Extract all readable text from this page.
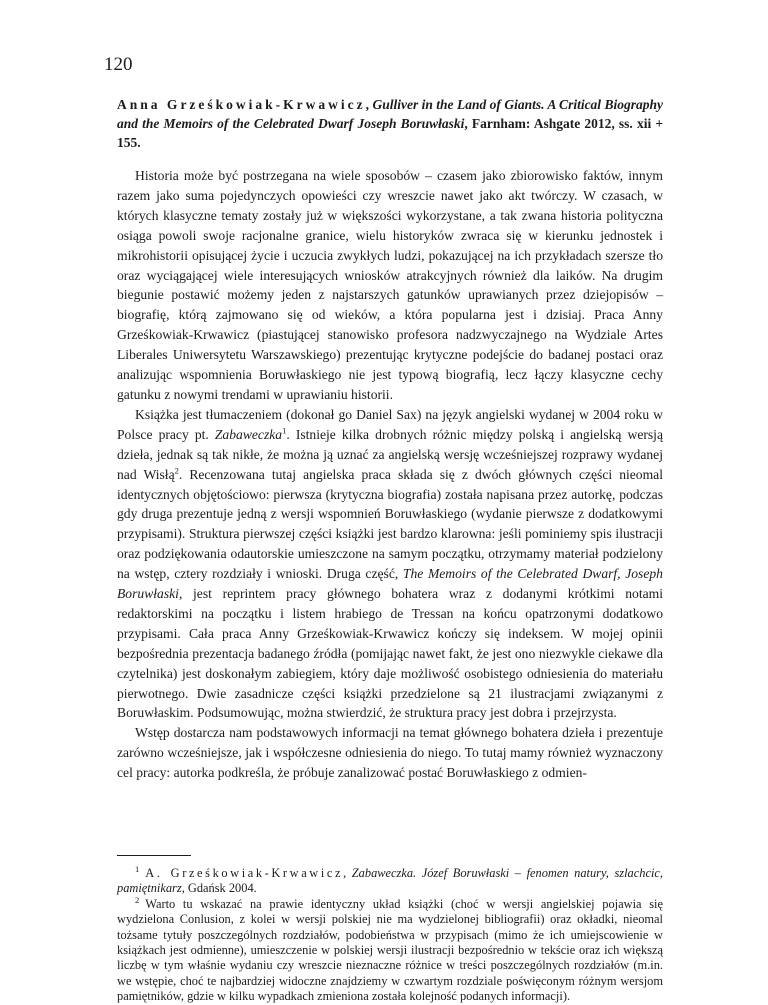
120
Anna Grześkowiak-Krwawicz, Gulliver in the Land of Giants. A Critical Biography and the Memoirs of the Celebrated Dwarf Joseph Boruwłaski, Farnham: Ashgate 2012, ss. xii + 155.

Historia może być postrzegana na wiele sposobów – czasem jako zbiorowisko faktów, innym razem jako suma pojedynczych opowieści czy wreszcie nawet jako akt twórczy. W czasach, w których klasyczne tematy zostały już w większości wykorzystane, a tak zwana historia polityczna osiąga powoli swoje racjonalne granice, wielu historyków zwraca się w kierunku jednostek i mikrohistorii opisującej życie i uczucia zwykłych ludzi, pokazującej na ich przykładach szersze tło oraz wyciągającej wiele interesujących wniosków atrakcyjnych również dla laików. Na drugim biegunie postawić możemy jeden z najstarszych gatunków uprawianych przez dziejopisów – biografię, którą zajmowano się od wieków, a która popularna jest i dzisiaj. Praca Anny Grześkowiak-Krwawicz (piastującej stanowisko profesora nadzwyczajnego na Wydziale Artes Liberales Uniwersytetu Warszawskiego) prezentując krytyczne podejście do badanej postaci oraz analizując wspomnienia Boruwłaskiego nie jest typową biografią, lecz łączy klasyczne cechy gatunku z nowymi trendami w uprawianiu historii.

Książka jest tłumaczeniem (dokonał go Daniel Sax) na język angielski wydanej w 2004 roku w Polsce pracy pt. Zabaweczka$^1$. Istnieje kilka drobnych różnic między polską i angielską wersją dzieła, jednak są tak nikłe, że można ją uznać za angielską wersję wcześniejszej rozprawy wydanej nad Wisłą$^2$. Recenzowana tutaj angielska praca składa się z dwóch głównych części nieomal identycznych objętościowo: pierwsza (krytyczna biografia) została napisana przez autorkę, podczas gdy druga prezentuje jedną z wersji wspomnień Boruwłaskiego (wydanie pierwsze z dodatkowymi przypisami). Struktura pierwszej części książki jest bardzo klarowna: jeśli pominiemy spis ilustracji oraz podziękowania odautorskie umieszczone na samym początku, otrzymamy materiał podzielony na wstęp, cztery rozdziały i wnioski. Druga część, The Memoirs of the Celebrated Dwarf, Joseph Boruwłaski, jest reprintem pracy głównego bohatera wraz z dodanymi krótkimi notami redaktorskimi na początku i listem hrabiego de Tressan na końcu opatrzonymi dodatkowo przypisami. Cała praca Anny Grześkowiak-Krwawicz kończy się indeksem. W mojej opinii bezpośrednia prezentacja badanego źródła (pomijając nawet fakt, że jest ono niezwykle ciekawe dla czytelnika) jest doskonałym zabiegiem, który daje możliwość osobistego odniesienia do materiału pierwotnego. Dwie zasadnicze części książki przedzielone są 21 ilustracjami związanymi z Boruwłaskim. Podsumowując, można stwierdzić, że struktura pracy jest dobra i przejrzysta.

Wstęp dostarcza nam podstawowych informacji na temat głównego bohatera dzieła i prezentuje zarówno wcześniejsze, jak i współczesne odniesienia do niego. To tutaj mamy również wyznaczony cel pracy: autorka podkreśla, że próbuje zanalizować postać Boruwłaskiego z odmien-

$^1$ A. Grześkowiak-Krwawicz, Zabaweczka. Józef Boruwłaski – fenomen natury, szlachcic, pamiętnikarz, Gdańsk 2004.

$^2$ Warto tu wskazać na prawie identyczny układ książki (choć w wersji angielskiej pojawia się wydzielona Conlusion, z kolei w wersji polskiej nie ma wydzielonej bibliografii) oraz okładki, nieomal tożsame tytuły poszczególnych rozdziałów, podobieństwa w przypisach (mimo że ich umiejscowienie w książkach jest odmienne), umieszczenie w polskiej wersji ilustracji bezpośrednio w tekście oraz ich większą liczbę w tym właśnie wydaniu czy wreszcie nieznaczne różnice w treści poszczególnych rozdziałów (m.in. we wstępie, choć te najbardziej widoczne znajdziemy w czwartym rozdziale poświęconym różnym wersjom pamiętników, gdzie w kilku wypadkach zmieniona została kolejność podanych informacji).
